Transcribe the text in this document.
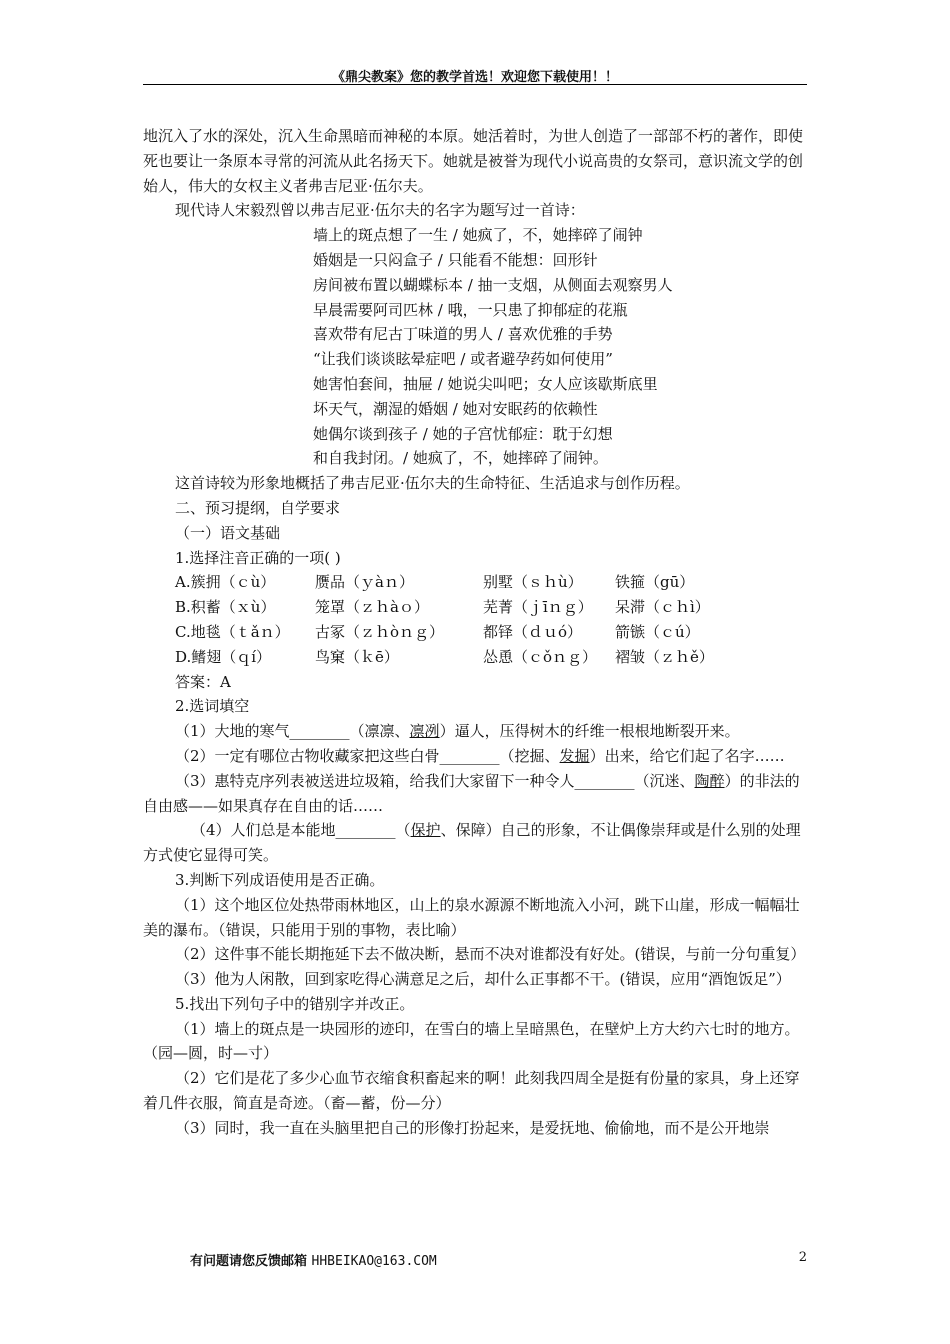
《鼎尖教案》您的教学首选！欢迎您下载使用！！

地沉入了水的深处，沉入生命黑暗而神秘的本原。她活着时，为世人创造了一部部不朽的著作，即使死也要让一条原本寻常的河流从此名扬天下。她就是被誉为现代小说高贵的女祭司，意识流文学的创始人，伟大的女权主义者弗吉尼亚·伍尔夫。

现代诗人宋毅烈曾以弗吉尼亚·伍尔夫的名字为题写过一首诗：

墙上的斑点想了一生 / 她疯了，不，她摔碎了闹钟

婚姻是一只闷盒子 / 只能看不能想：回形针

房间被布置以蝴蝶标本 / 抽一支烟，从侧面去观察男人

早晨需要阿司匹林 / 哦，一只患了抑郁症的花瓶

喜欢带有尼古丁味道的男人 / 喜欢优雅的手势

“让我们谈谈眩晕症吧 / 或者避孕药如何使用”

她害怕套间，抽屉 / 她说尖叫吧；女人应该歇斯底里

坏天气，潮湿的婚姻 / 她对安眠药的依赖性

她偶尔谈到孩子 / 她的子宫忧郁症：耽于幻想

和自我封闭。/ 她疯了，不，她摔碎了闹钟。

这首诗较为形象地概括了弗吉尼亚·伍尔夫的生命特征、生活追求与创作历程。

二、预习提纲，自学要求

（一）语文基础

1.选择注音正确的一项( )

A.簇拥（ｃù）	赝品（ｙàｎ）	别墅（ｓｈù）	铁箍（gū）
B.积蓄（ｘù）	笼罩（ｚｈàｏ）	芜菁（ｊīｎｇ）	呆滞（ｃｈì）
C.地毯（ｔǎｎ）	古冢（ｚｈòｎｇ）	都铎（ｄｕó）	箭镞（ｃú）
D.鳍翅（ｑí）	鸟窠（ｋē）	怂恿（ｃǒｎｇ）	褶皱（ｚｈě）

答案：A

2.选词填空

（1）大地的寒气________（凛凛、凛冽）逼人，压得树木的纤维一根根地断裂开来。

（2）一定有哪位古物收藏家把这些白骨________（挖掘、发掘）出来，给它们起了名字……

（3）惠特克序列表被送进垃圾箱，给我们大家留下一种令人________（沉迷、陶醉）的非法的自由感——如果真存在自由的话……

（4）人们总是本能地________（保护、保障）自己的形象，不让偶像崇拜或是什么别的处理方式使它显得可笑。

3.判断下列成语使用是否正确。

（1）这个地区位处热带雨林地区，山上的泉水源源不断地流入小河，跳下山崖，形成一幅幅壮美的瀑布。（错误，只能用于别的事物，表比喻）

（2）这件事不能长期拖延下去不做决断，悬而不决对谁都没有好处。(错误，与前一分句重复）

（3）他为人闲散，回到家吃得心满意足之后，却什么正事都不干。(错误，应用“酒饱饭足”）

5.找出下列句子中的错别字并改正。

（1）墙上的斑点是一块园形的迹印，在雪白的墙上呈暗黑色，在壁炉上方大约六七时的地方。（园—圆，时—寸）

（2）它们是花了多少心血节衣缩食积畜起来的啊！此刻我四周全是挺有份量的家具，身上还穿着几件衣服，简直是奇迹。（畜—蓄，份—分）

（3）同时，我一直在头脑里把自己的形像打扮起来，是爱抚地、偷偷地，而不是公开地崇

有问题请您反馈邮箱 HHBEIKAO@163.COM	2
